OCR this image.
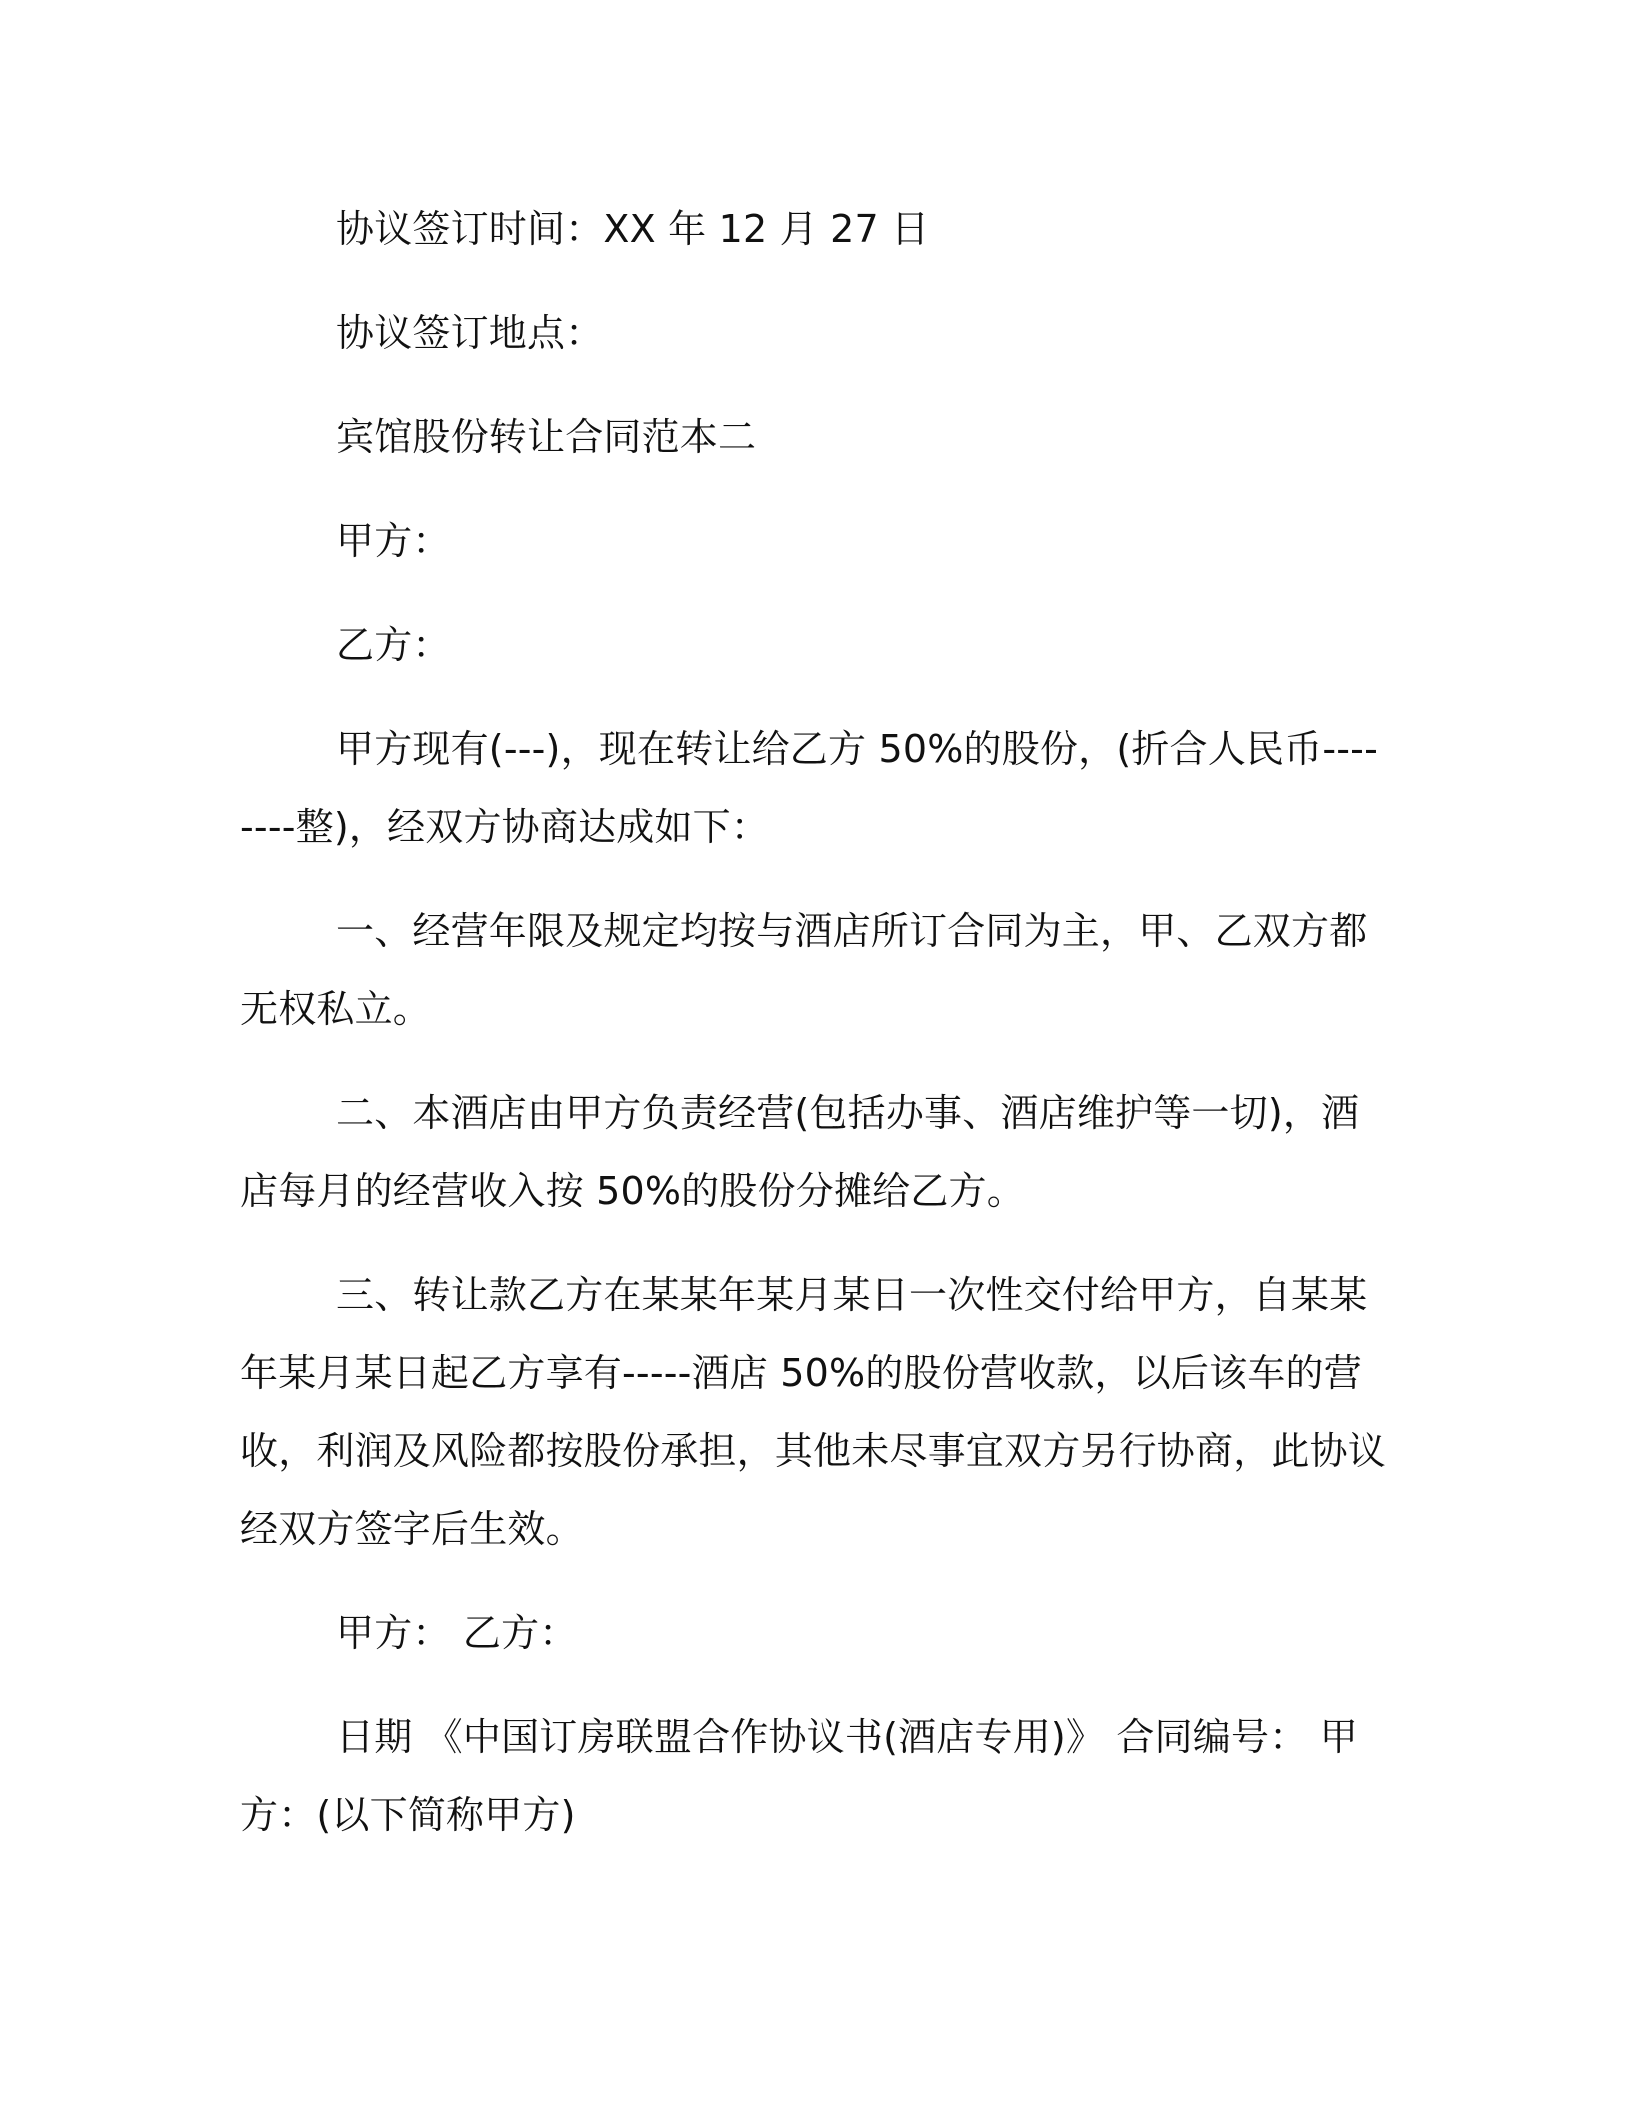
协议签订时间：XX 年 12 月 27 日

协议签订地点：

宾馆股份转让合同范本二

甲方：

乙方：

甲方现有(---)，现在转让给乙方 50%的股份，(折合人民币--------整)，经双方协商达成如下：

一、经营年限及规定均按与酒店所订合同为主，甲、乙双方都无权私立。

二、本酒店由甲方负责经营(包括办事、酒店维护等一切)，酒店每月的经营收入按 50%的股份分摊给乙方。

三、转让款乙方在某某年某月某日一次性交付给甲方，自某某年某月某日起乙方享有-----酒店 50%的股份营收款，以后该车的营收，利润及风险都按股份承担，其他未尽事宜双方另行协商，此协议经双方签字后生效。

甲方： 乙方：

日期 《中国订房联盟合作协议书(酒店专用)》 合同编号： 甲方：(以下简称甲方)
